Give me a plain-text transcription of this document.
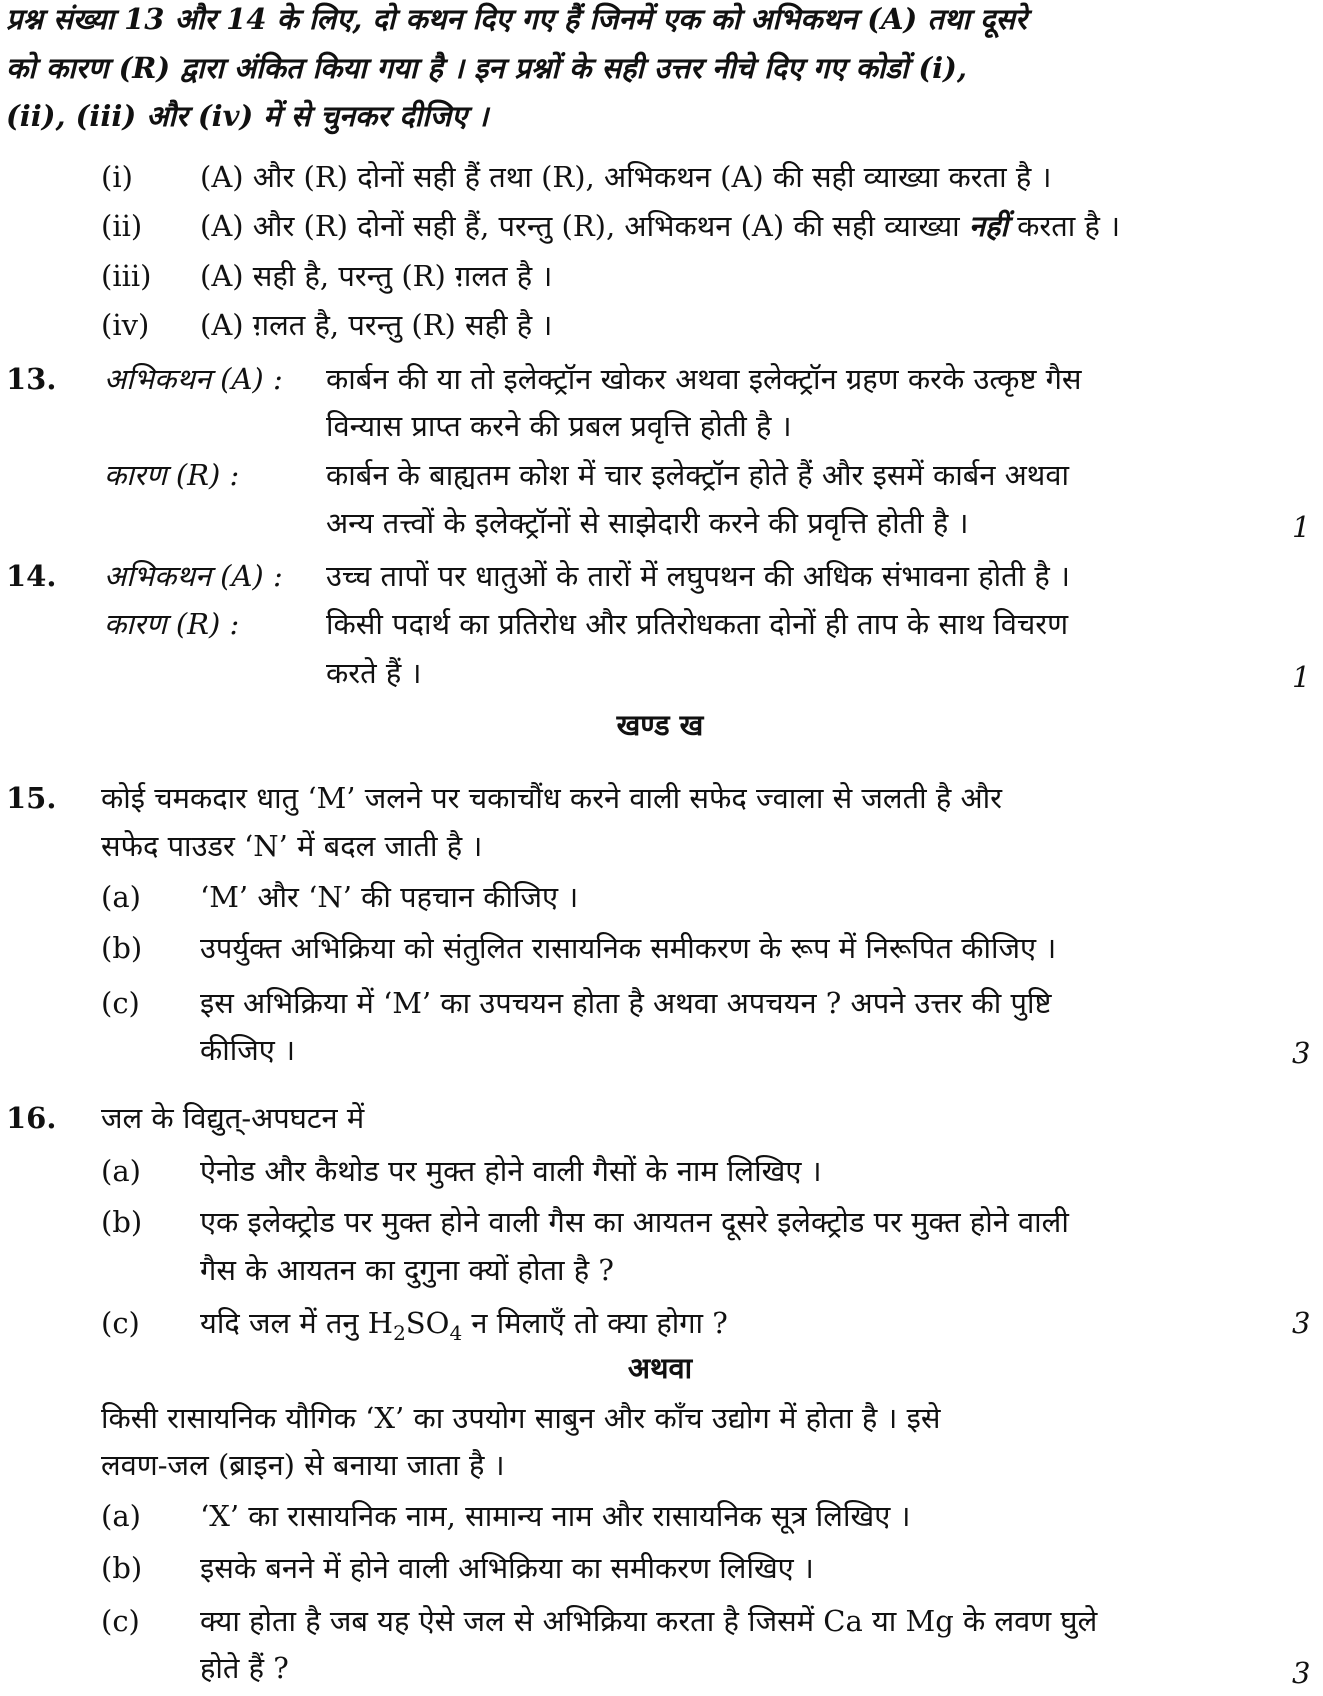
प्रश्न संख्या 13 और 14 के लिए, दो कथन दिए गए हैं जिनमें एक को अभिकथन (A) तथा दूसरे
को कारण (R) द्वारा अंकित किया गया है । इन प्रश्नों के सही उत्तर नीचे दिए गए कोडों (i),
(ii), (iii) और (iv) में से चुनकर दीजिए ।
(i) (A) और (R) दोनों सही हैं तथा (R), अभिकथन (A) की सही व्याख्या करता है ।
(ii) (A) और (R) दोनों सही हैं, परन्तु (R), अभिकथन (A) की सही व्याख्या नहीं करता है ।
(iii) (A) सही है, परन्तु (R) ग़लत है ।
(iv) (A) ग़लत है, परन्तु (R) सही है ।
13. अभिकथन (A) : कार्बन की या तो इलेक्ट्रॉन खोकर अथवा इलेक्ट्रॉन ग्रहण करके उत्कृष्ट गैस
विन्यास प्राप्त करने की प्रबल प्रवृत्ति होती है ।
कारण (R) :	कार्बन के बाह्यतम कोश में चार इलेक्ट्रॉन होते हैं और इसमें कार्बन अथवा
अन्य तत्त्वों के इलेक्ट्रॉनों से साझेदारी करने की प्रवृत्ति होती है ।	1
14. अभिकथन (A) : उच्च तापों पर धातुओं के तारों में लघुपथन की अधिक संभावना होती है ।
कारण (R) :	किसी पदार्थ का प्रतिरोध और प्रतिरोधकता दोनों ही ताप के साथ विचरण
करते हैं ।	1
खण्ड ख
15. कोई चमकदार धातु ‘M’ जलने पर चकाचौंध करने वाली सफेद ज्वाला से जलती है और
सफेद पाउडर ‘N’ में बदल जाती है ।
(a) ‘M’ और ‘N’ की पहचान कीजिए ।
(b) उपर्युक्त अभिक्रिया को संतुलित रासायनिक समीकरण के रूप में निरूपित कीजिए ।
(c) इस अभिक्रिया में ‘M’ का उपचयन होता है अथवा अपचयन ? अपने उत्तर की पुष्टि
कीजिए ।	3
16. जल के विद्युत्-अपघटन में
(a) ऐनोड और कैथोड पर मुक्त होने वाली गैसों के नाम लिखिए ।
(b) एक इलेक्ट्रोड पर मुक्त होने वाली गैस का आयतन दूसरे इलेक्ट्रोड पर मुक्त होने वाली
गैस के आयतन का दुगुना क्यों होता है ?
(c) यदि जल में तनु $H_2SO_4$ न मिलाएँ तो क्या होगा ?	3
अथवा
किसी रासायनिक यौगिक ‘X’ का उपयोग साबुन और काँच उद्योग में होता है । इसे
लवण-जल (ब्राइन) से बनाया जाता है ।
(a) ‘X’ का रासायनिक नाम, सामान्य नाम और रासायनिक सूत्र लिखिए ।
(b) इसके बनने में होने वाली अभिक्रिया का समीकरण लिखिए ।
(c) क्या होता है जब यह ऐसे जल से अभिक्रिया करता है जिसमें Ca या Mg के लवण घुले
होते हैं ?	3
